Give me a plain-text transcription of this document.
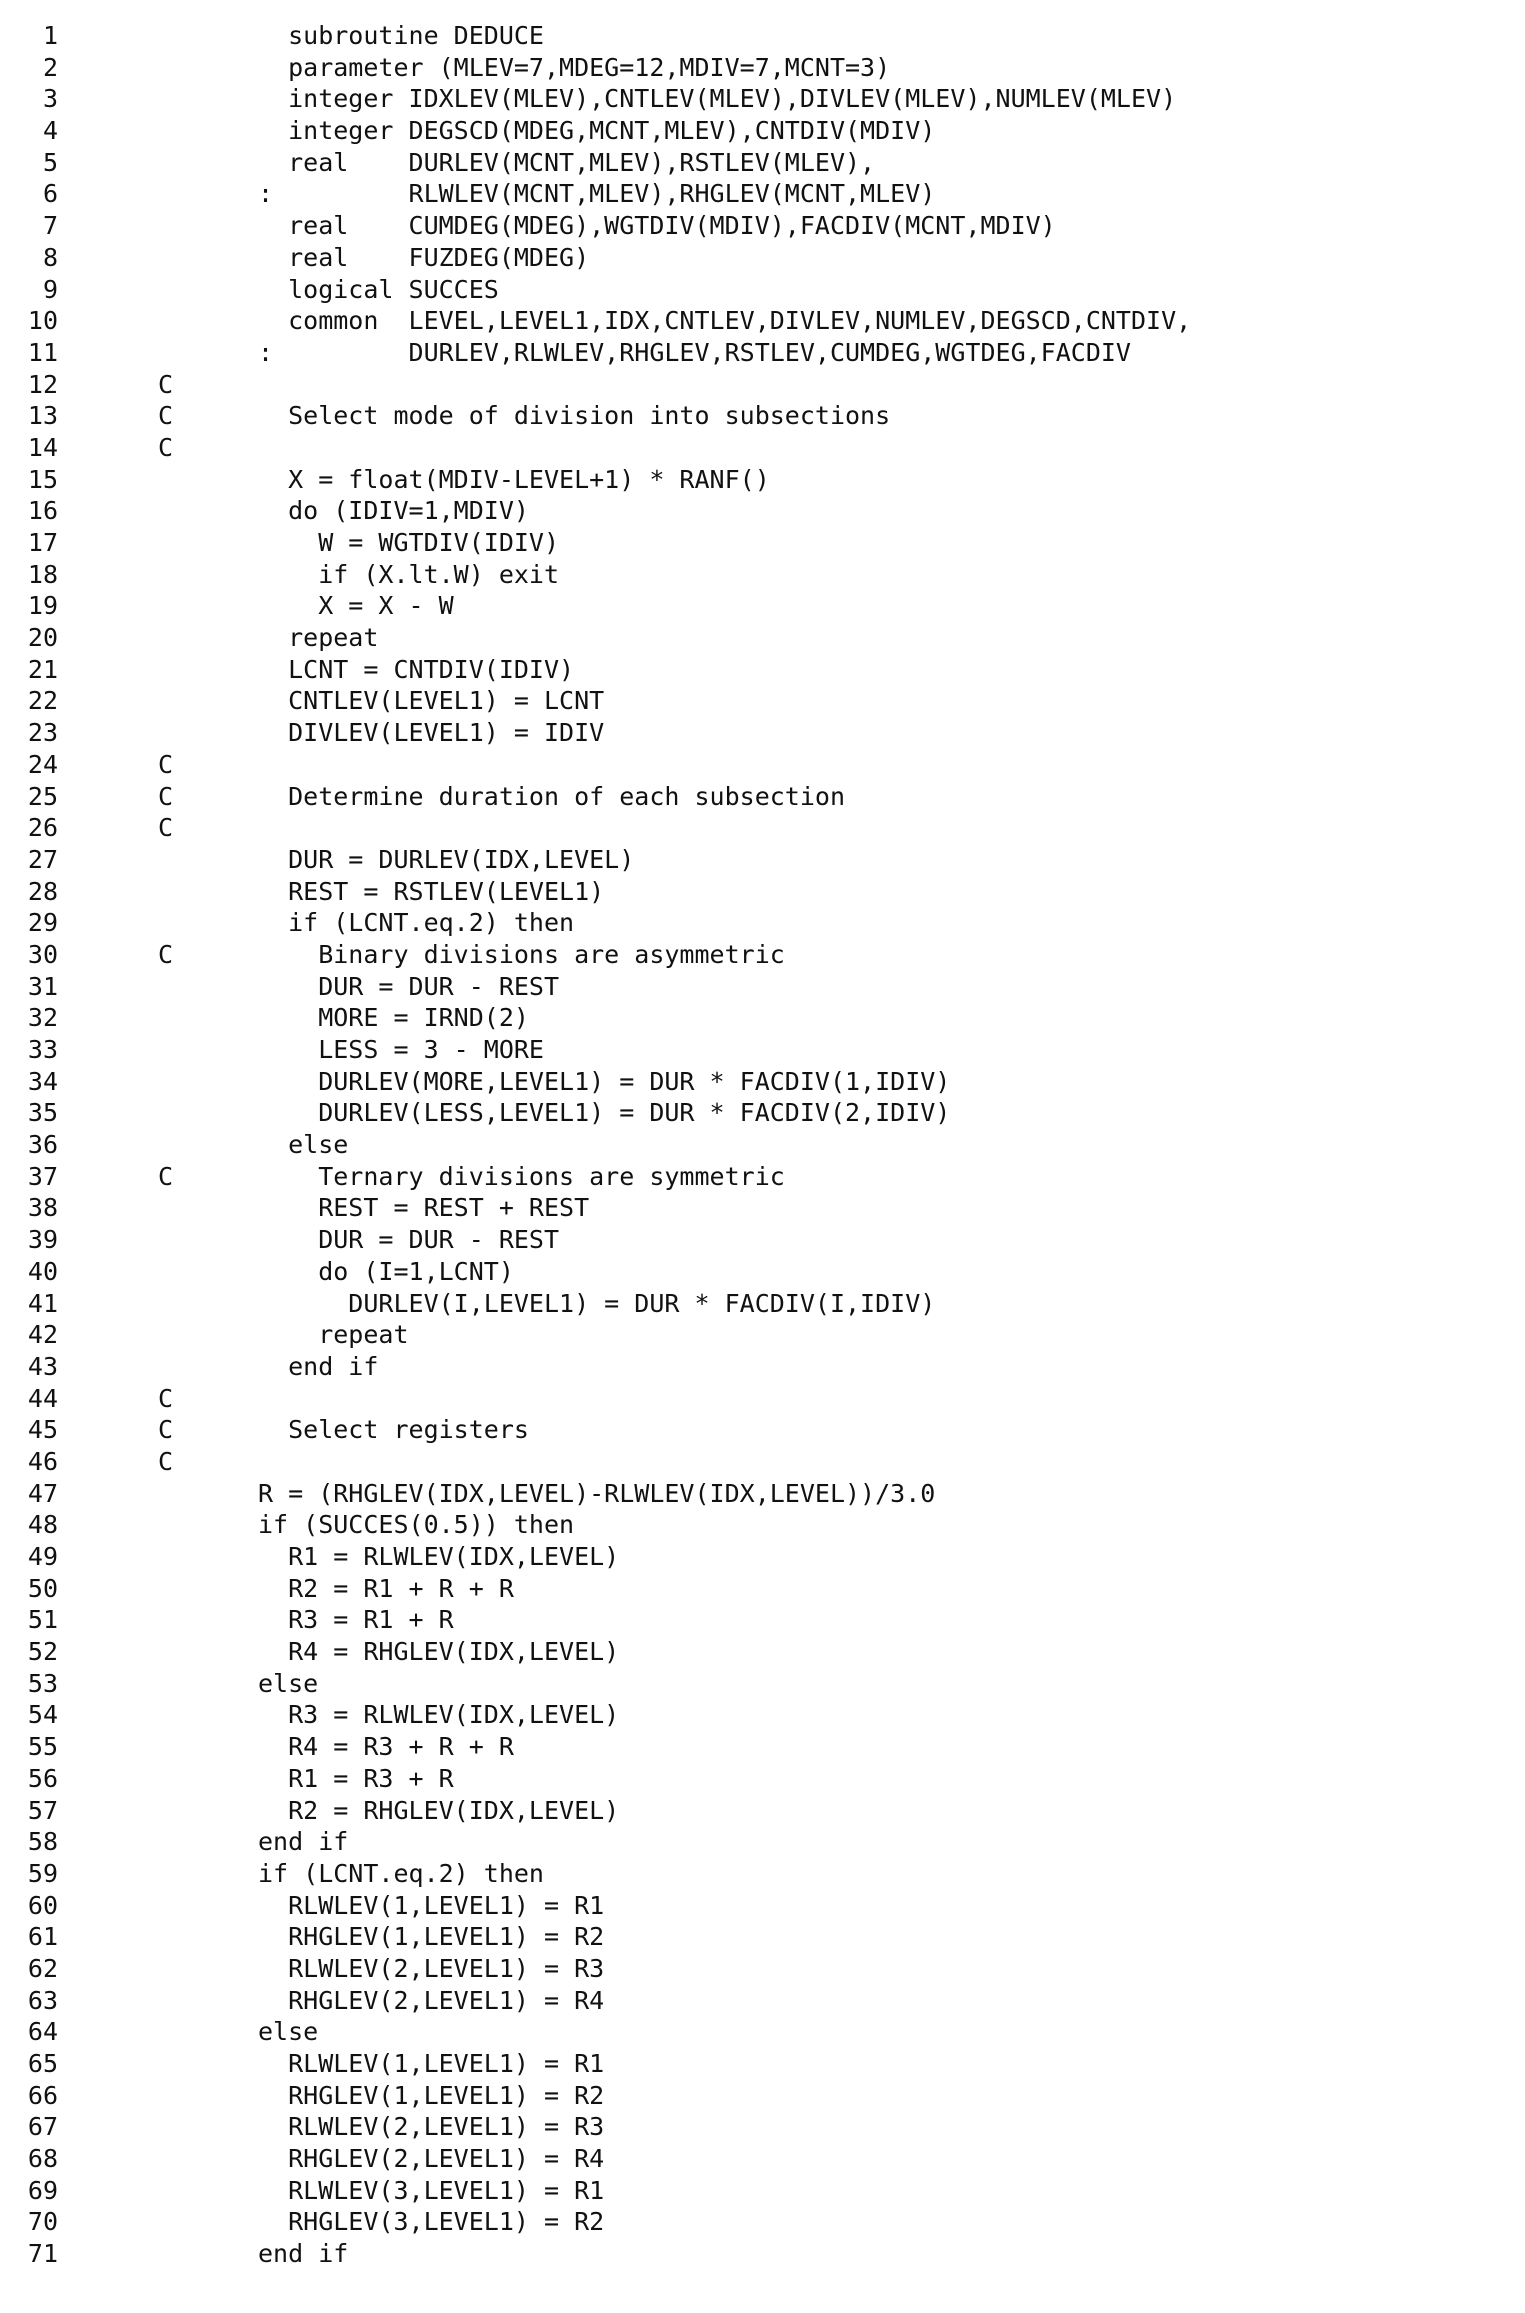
1	subroutine DEDUCE
2	parameter (MLEV=7,MDEG=12,MDIV=7,MCNT=3)
3	integer IDXLEV(MLEV),CNTLEV(MLEV),DIVLEV(MLEV),NUMLEV(MLEV)
4	integer DEGSCD(MDEG,MCNT,MLEV),CNTDIV(MDIV)
5	real    DURLEV(MCNT,MLEV),RSTLEV(MLEV),
6	:         RLWLEV(MCNT,MLEV),RHGLEV(MCNT,MLEV)
7	real    CUMDEG(MDEG),WGTDIV(MDIV),FACDIV(MCNT,MDIV)
8	real    FUZDEG(MDEG)
9	logical SUCCES
10	common  LEVEL,LEVEL1,IDX,CNTLEV,DIVLEV,NUMLEV,DEGSCD,CNTDIV,
11	:         DURLEV,RLWLEV,RHGLEV,RSTLEV,CUMDEG,WGTDEG,FACDIV
12	C
13	C	Select mode of division into subsections
14	C
15	X = float(MDIV-LEVEL+1) * RANF()
16	do (IDIV=1,MDIV)
17	W = WGTDIV(IDIV)
18	if (X.lt.W) exit
19	X = X - W
20	repeat
21	LCNT = CNTDIV(IDIV)
22	CNTLEV(LEVEL1) = LCNT
23	DIVLEV(LEVEL1) = IDIV
24	C
25	C	Determine duration of each subsection
26	C
27	DUR = DURLEV(IDX,LEVEL)
28	REST = RSTLEV(LEVEL1)
29	if (LCNT.eq.2) then
30	C	Binary divisions are asymmetric
31	DUR = DUR - REST
32	MORE = IRND(2)
33	LESS = 3 - MORE
34	DURLEV(MORE,LEVEL1) = DUR * FACDIV(1,IDIV)
35	DURLEV(LESS,LEVEL1) = DUR * FACDIV(2,IDIV)
36	else
37	C	Ternary divisions are symmetric
38	REST = REST + REST
39	DUR = DUR - REST
40	do (I=1,LCNT)
41	DURLEV(I,LEVEL1) = DUR * FACDIV(I,IDIV)
42	repeat
43	end if
44	C
45	C	Select registers
46	C
47	R = (RHGLEV(IDX,LEVEL)-RLWLEV(IDX,LEVEL))/3.0
48	if (SUCCES(0.5)) then
49	R1 = RLWLEV(IDX,LEVEL)
50	R2 = R1 + R + R
51	R3 = R1 + R
52	R4 = RHGLEV(IDX,LEVEL)
53	else
54	R3 = RLWLEV(IDX,LEVEL)
55	R4 = R3 + R + R
56	R1 = R3 + R
57	R2 = RHGLEV(IDX,LEVEL)
58	end if
59	if (LCNT.eq.2) then
60	RLWLEV(1,LEVEL1) = R1
61	RHGLEV(1,LEVEL1) = R2
62	RLWLEV(2,LEVEL1) = R3
63	RHGLEV(2,LEVEL1) = R4
64	else
65	RLWLEV(1,LEVEL1) = R1
66	RHGLEV(1,LEVEL1) = R2
67	RLWLEV(2,LEVEL1) = R3
68	RHGLEV(2,LEVEL1) = R4
69	RLWLEV(3,LEVEL1) = R1
70	RHGLEV(3,LEVEL1) = R2
71	end if
